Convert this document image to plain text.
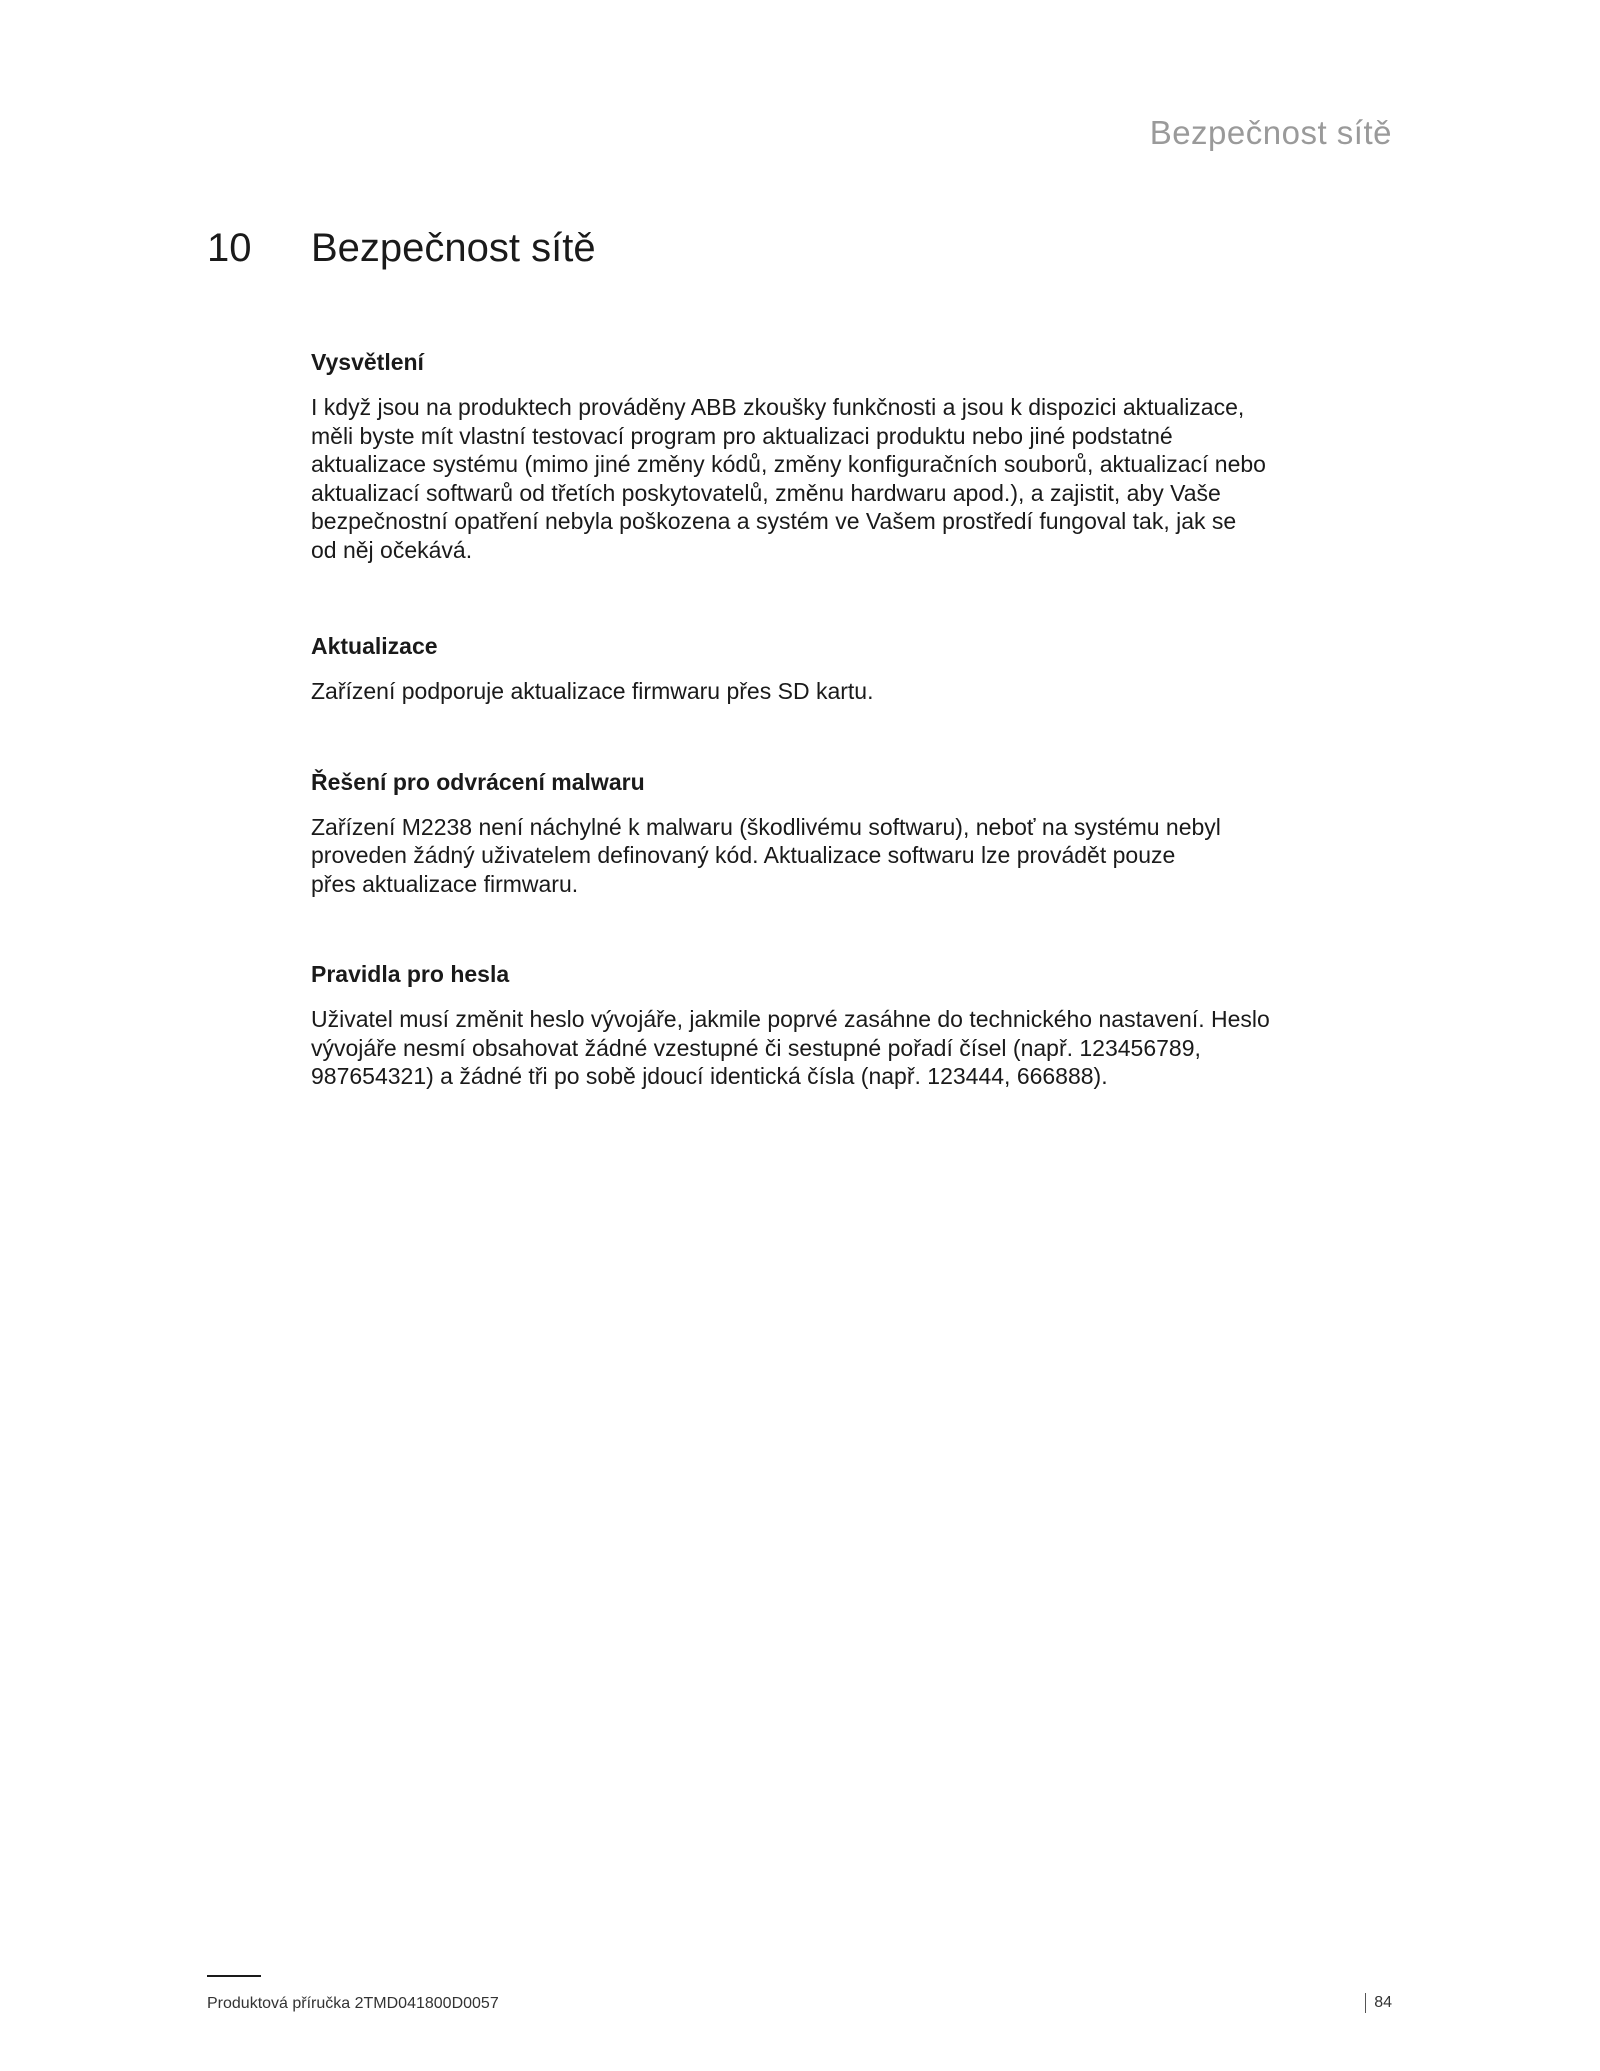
Bezpečnost sítě
10 Bezpečnost sítě
Vysvětlení

I když jsou na produktech prováděny ABB zkoušky funkčnosti a jsou k dispozici aktualizace,
měli byste mít vlastní testovací program pro aktualizaci produktu nebo jiné podstatné
aktualizace systému (mimo jiné změny kódů, změny konfiguračních souborů, aktualizací nebo
aktualizací softwarů od třetích poskytovatelů, změnu hardwaru apod.), a zajistit, aby Vaše
bezpečnostní opatření nebyla poškozena a systém ve Vašem prostředí fungoval tak, jak se
od něj očekává.

Aktualizace

Zařízení podporuje aktualizace firmwaru přes SD kartu.

Řešení pro odvrácení malwaru

Zařízení M2238 není náchylné k malwaru (škodlivému softwaru), neboť na systému nebyl
proveden žádný uživatelem definovaný kód. Aktualizace softwaru lze provádět pouze
přes aktualizace firmwaru.

Pravidla pro hesla

Uživatel musí změnit heslo vývojáře, jakmile poprvé zasáhne do technického nastavení. Heslo
vývojáře nesmí obsahovat žádné vzestupné či sestupné pořadí čísel (např. 123456789,
987654321) a žádné tři po sobě jdoucí identická čísla (např. 123444, 666888).

Produktová příručka 2TMD041800D0057	84
